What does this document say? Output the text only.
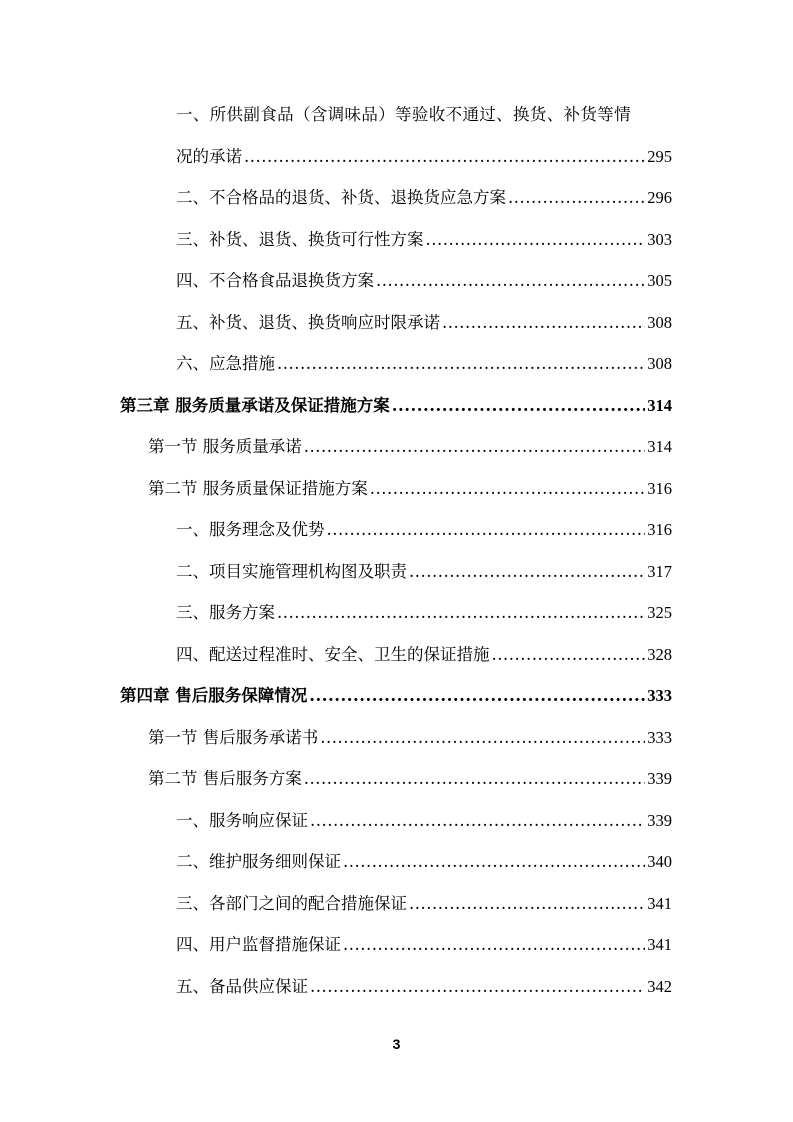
一、所供副食品（含调味品）等验收不通过、换货、补货等情
况的承诺 .....	295
二、不合格品的退货、补货、退换货应急方案 .....	296
三、补货、退货、换货可行性方案 .....	303
四、不合格食品退换货方案 .....	305
五、补货、退货、换货响应时限承诺 .....	308
六、应急措施 .....	308
第三章 服务质量承诺及保证措施方案 .....	314
第一节 服务质量承诺 .....	314
第二节 服务质量保证措施方案 .....	316
一、服务理念及优势 .....	316
二、项目实施管理机构图及职责 .....	317
三、服务方案 .....	325
四、配送过程准时、安全、卫生的保证措施 .....	328
第四章 售后服务保障情况 .....	333
第一节 售后服务承诺书 .....	333
第二节 售后服务方案 .....	339
一、服务响应保证 .....	339
二、维护服务细则保证 .....	340
三、各部门之间的配合措施保证 .....	341
四、用户监督措施保证 .....	341
五、备品供应保证 .....	342
3
